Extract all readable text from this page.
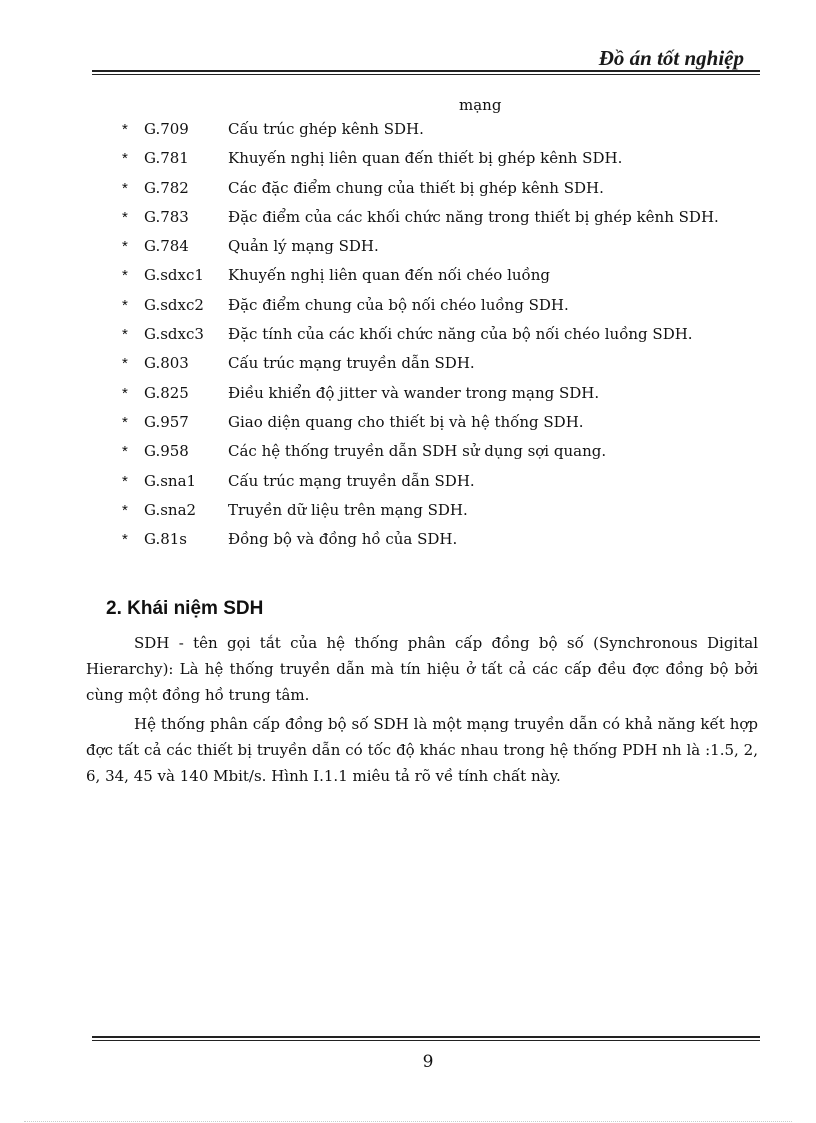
Đồ án tốt nghiệp
mạng
*	G.709	Cấu trúc ghép kênh SDH.
*	G.781	Khuyến nghị liên quan đến thiết bị ghép kênh SDH.
*	G.782	Các đặc điểm chung của thiết bị ghép kênh SDH.
*	G.783	Đặc điểm của các khối chức năng trong thiết bị ghép kênh SDH.
*	G.784	Quản lý mạng SDH.
*	G.sdxc1	Khuyến nghị liên quan đến nối chéo luồng
*	G.sdxc2	Đặc điểm chung của bộ nối chéo luồng SDH.
*	G.sdxc3	Đặc tính của các khối chức năng của bộ nối chéo luồng SDH.
*	G.803	Cấu trúc mạng truyền dẫn SDH.
*	G.825	Điều khiển độ jitter và wander trong mạng SDH.
*	G.957	Giao diện quang cho thiết bị và hệ thống SDH.
*	G.958	Các hệ thống truyền dẫn SDH sử dụng sợi quang.
*	G.sna1	Cấu trúc mạng truyền dẫn SDH.
*	G.sna2	Truyền dữ liệu trên mạng SDH.
*	G.81s	Đồng bộ và đồng hồ của SDH.
2. Khái niệm SDH
SDH - tên gọi tắt của hệ thống phân cấp đồng bộ số (Synchronous Digital Hierarchy): Là hệ thống truyền dẫn mà tín hiệu ở tất cả các cấp đều đợc đồng bộ bởi cùng một đồng hồ trung tâm.
Hệ thống phân cấp đồng bộ số SDH là một mạng truyền dẫn có khả năng kết hợp đợc tất cả các thiết bị truyền dẫn có tốc độ khác nhau trong hệ thống PDH nh là :1.5, 2, 6, 34, 45 và 140 Mbit/s. Hình I.1.1 miêu tả rõ về tính chất này.
9
